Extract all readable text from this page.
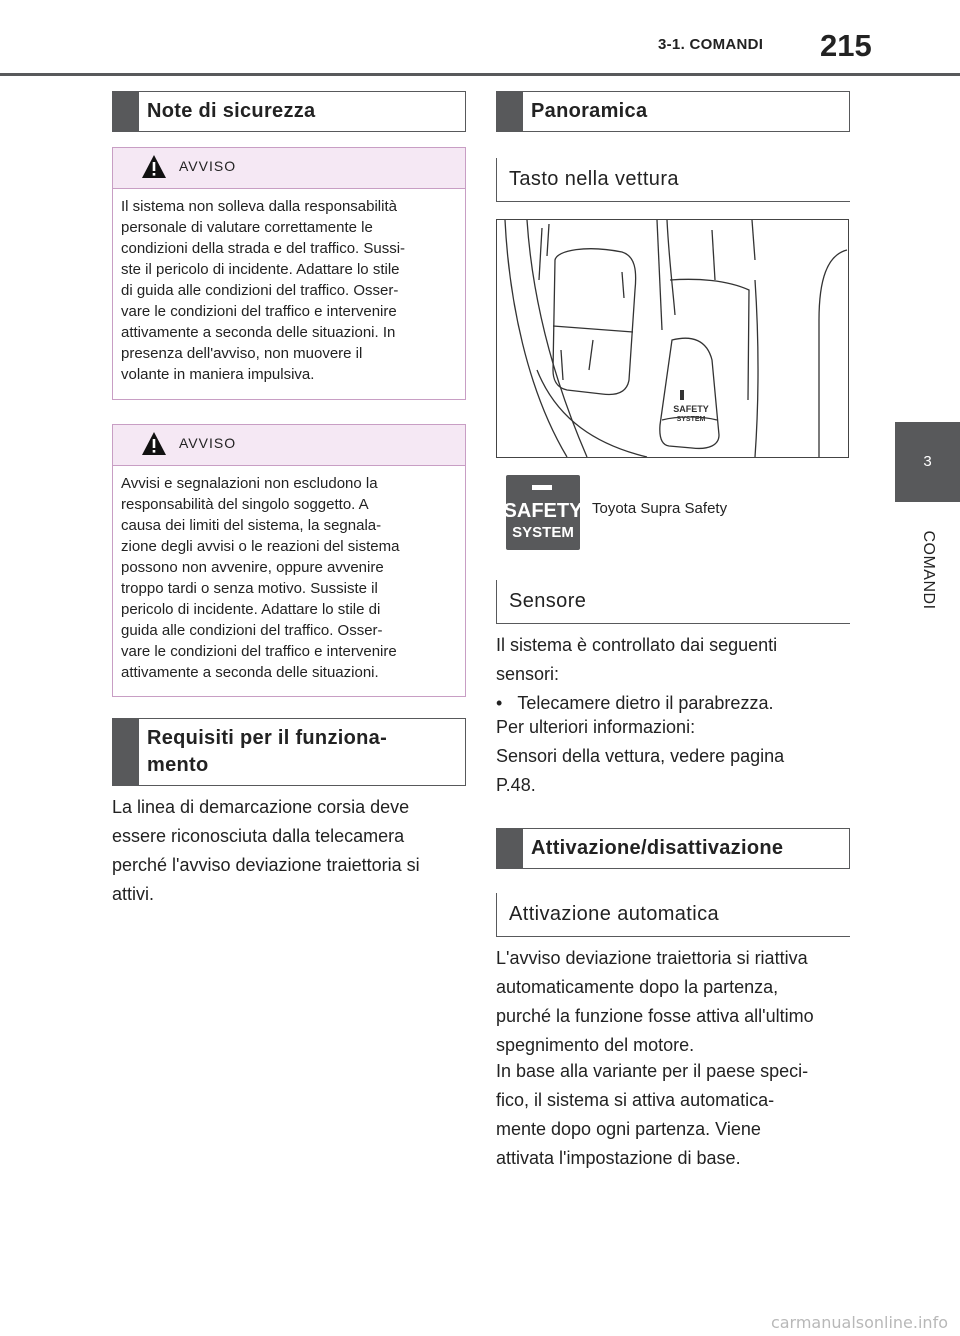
3-1. COMANDI 215
3
COMANDI
Note di sicurezza
AVVISO
Il sistema non solleva dalla responsabilità
personale di valutare correttamente le
condizioni della strada e del traffico. Sussi-
ste il pericolo di incidente. Adattare lo stile
di guida alle condizioni del traffico. Osser-
vare le condizioni del traffico e intervenire
attivamente a seconda delle situazioni. In
presenza dell'avviso, non muovere il
volante in maniera impulsiva.
AVVISO
Avvisi e segnalazioni non escludono la
responsabilità del singolo soggetto. A
causa dei limiti del sistema, la segnala-
zione degli avvisi o le reazioni del sistema
possono non avvenire, oppure avvenire
troppo tardi o senza motivo. Sussiste il
pericolo di incidente. Adattare lo stile di
guida alle condizioni del traffico. Osser-
vare le condizioni del traffico e intervenire
attivamente a seconda delle situazioni.
Requisiti per il funziona-
mento
La linea di demarcazione corsia deve
essere riconosciuta dalla telecamera
perché l'avviso deviazione traiettoria si
attivi.
Panoramica
Tasto nella vettura
SAFETY
SYSTEM
SAFETY
SYSTEM
Toyota Supra Safety
Sensore
Il sistema è controllato dai seguenti
sensori:
• Telecamere dietro il parabrezza.
Per ulteriori informazioni:
Sensori della vettura, vedere pagina
P.48.
Attivazione/disattivazione
Attivazione automatica
L'avviso deviazione traiettoria si riattiva
automaticamente dopo la partenza,
purché la funzione fosse attiva all'ultimo
spegnimento del motore.
In base alla variante per il paese speci-
fico, il sistema si attiva automatica-
mente dopo ogni partenza. Viene
attivata l'impostazione di base.
carmanualsonline.info
